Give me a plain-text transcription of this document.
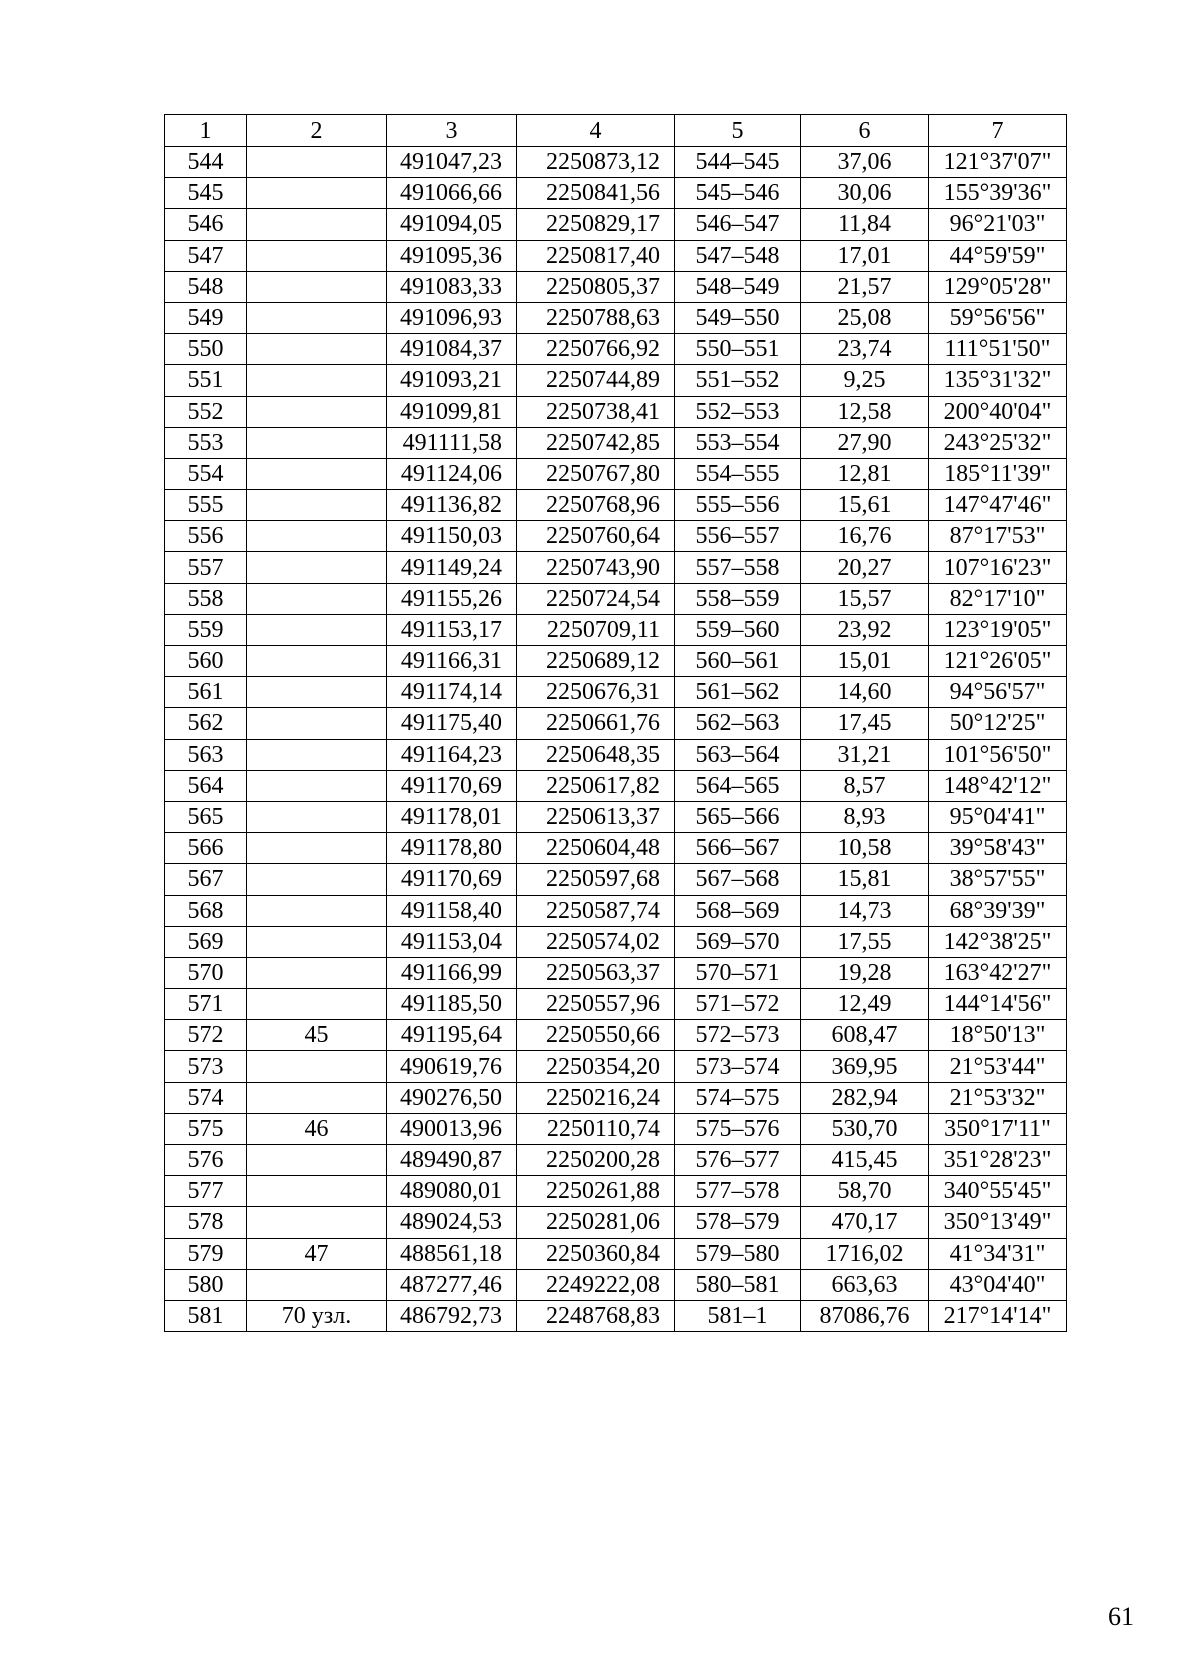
1	2	3	4	5	6	7
544		491047,23	2250873,12	544–545	37,06	121°37'07"
545		491066,66	2250841,56	545–546	30,06	155°39'36"
546		491094,05	2250829,17	546–547	11,84	96°21'03"
547		491095,36	2250817,40	547–548	17,01	44°59'59"
548		491083,33	2250805,37	548–549	21,57	129°05'28"
549		491096,93	2250788,63	549–550	25,08	59°56'56"
550		491084,37	2250766,92	550–551	23,74	111°51'50"
551		491093,21	2250744,89	551–552	9,25	135°31'32"
552		491099,81	2250738,41	552–553	12,58	200°40'04"
553		491111,58	2250742,85	553–554	27,90	243°25'32"
554		491124,06	2250767,80	554–555	12,81	185°11'39"
555		491136,82	2250768,96	555–556	15,61	147°47'46"
556		491150,03	2250760,64	556–557	16,76	87°17'53"
557		491149,24	2250743,90	557–558	20,27	107°16'23"
558		491155,26	2250724,54	558–559	15,57	82°17'10"
559		491153,17	2250709,11	559–560	23,92	123°19'05"
560		491166,31	2250689,12	560–561	15,01	121°26'05"
561		491174,14	2250676,31	561–562	14,60	94°56'57"
562		491175,40	2250661,76	562–563	17,45	50°12'25"
563		491164,23	2250648,35	563–564	31,21	101°56'50"
564		491170,69	2250617,82	564–565	8,57	148°42'12"
565		491178,01	2250613,37	565–566	8,93	95°04'41"
566		491178,80	2250604,48	566–567	10,58	39°58'43"
567		491170,69	2250597,68	567–568	15,81	38°57'55"
568		491158,40	2250587,74	568–569	14,73	68°39'39"
569		491153,04	2250574,02	569–570	17,55	142°38'25"
570		491166,99	2250563,37	570–571	19,28	163°42'27"
571		491185,50	2250557,96	571–572	12,49	144°14'56"
572	45	491195,64	2250550,66	572–573	608,47	18°50'13"
573		490619,76	2250354,20	573–574	369,95	21°53'44"
574		490276,50	2250216,24	574–575	282,94	21°53'32"
575	46	490013,96	2250110,74	575–576	530,70	350°17'11"
576		489490,87	2250200,28	576–577	415,45	351°28'23"
577		489080,01	2250261,88	577–578	58,70	340°55'45"
578		489024,53	2250281,06	578–579	470,17	350°13'49"
579	47	488561,18	2250360,84	579–580	1716,02	41°34'31"
580		487277,46	2249222,08	580–581	663,63	43°04'40"
581	70 узл.	486792,73	2248768,83	581–1	87086,76	217°14'14"
61
